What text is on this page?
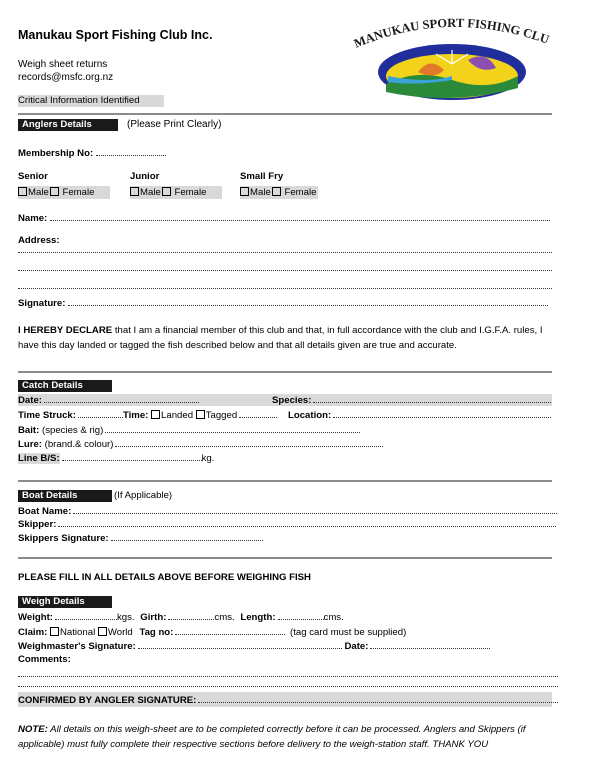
Manukau Sport Fishing Club Inc.
Weigh sheet returns
records@msfc.org.nz
MANUKAU SPORT FISHING CLU
Critical Information Identified
Anglers Details	(Please Print Clearly)
Membership No:
Senior	Junior	Small Fry
Male Female	Male Female	Male Female
Name:
Address:
Signature:
I HEREBY DECLARE that I am a financial member of this club and that, in full accordance with the club and I.G.F.A. rules, I
have this day landed or tagged the fish described below and that all details given are true and accurate.
Catch Details
Date:	Species:
Time Struck:	Time: Landed Tagged	Location:
Bait: (species & rig)
Lure: (brand.& colour)
Line B/S:	kg.
Boat Details	(If Applicable)
Boat Name:
Skipper:
Skippers Signature:
PLEASE FILL IN ALL DETAILS ABOVE BEFORE WEIGHING FISH
Weigh Details
Weight:	kgs. Girth:	cms. Length:	cms.
Claim: National World Tag no:	(tag card must be supplied)
Weighmaster's Signature:	Date:
Comments:
CONFIRMED BY ANGLER SIGNATURE:
NOTE: All details on this weigh-sheet are to be completed correctly before it can be processed. Anglers and Skippers (if
applicable) must fully complete their respective sections before delivery to the weigh-station staff. THANK YOU
